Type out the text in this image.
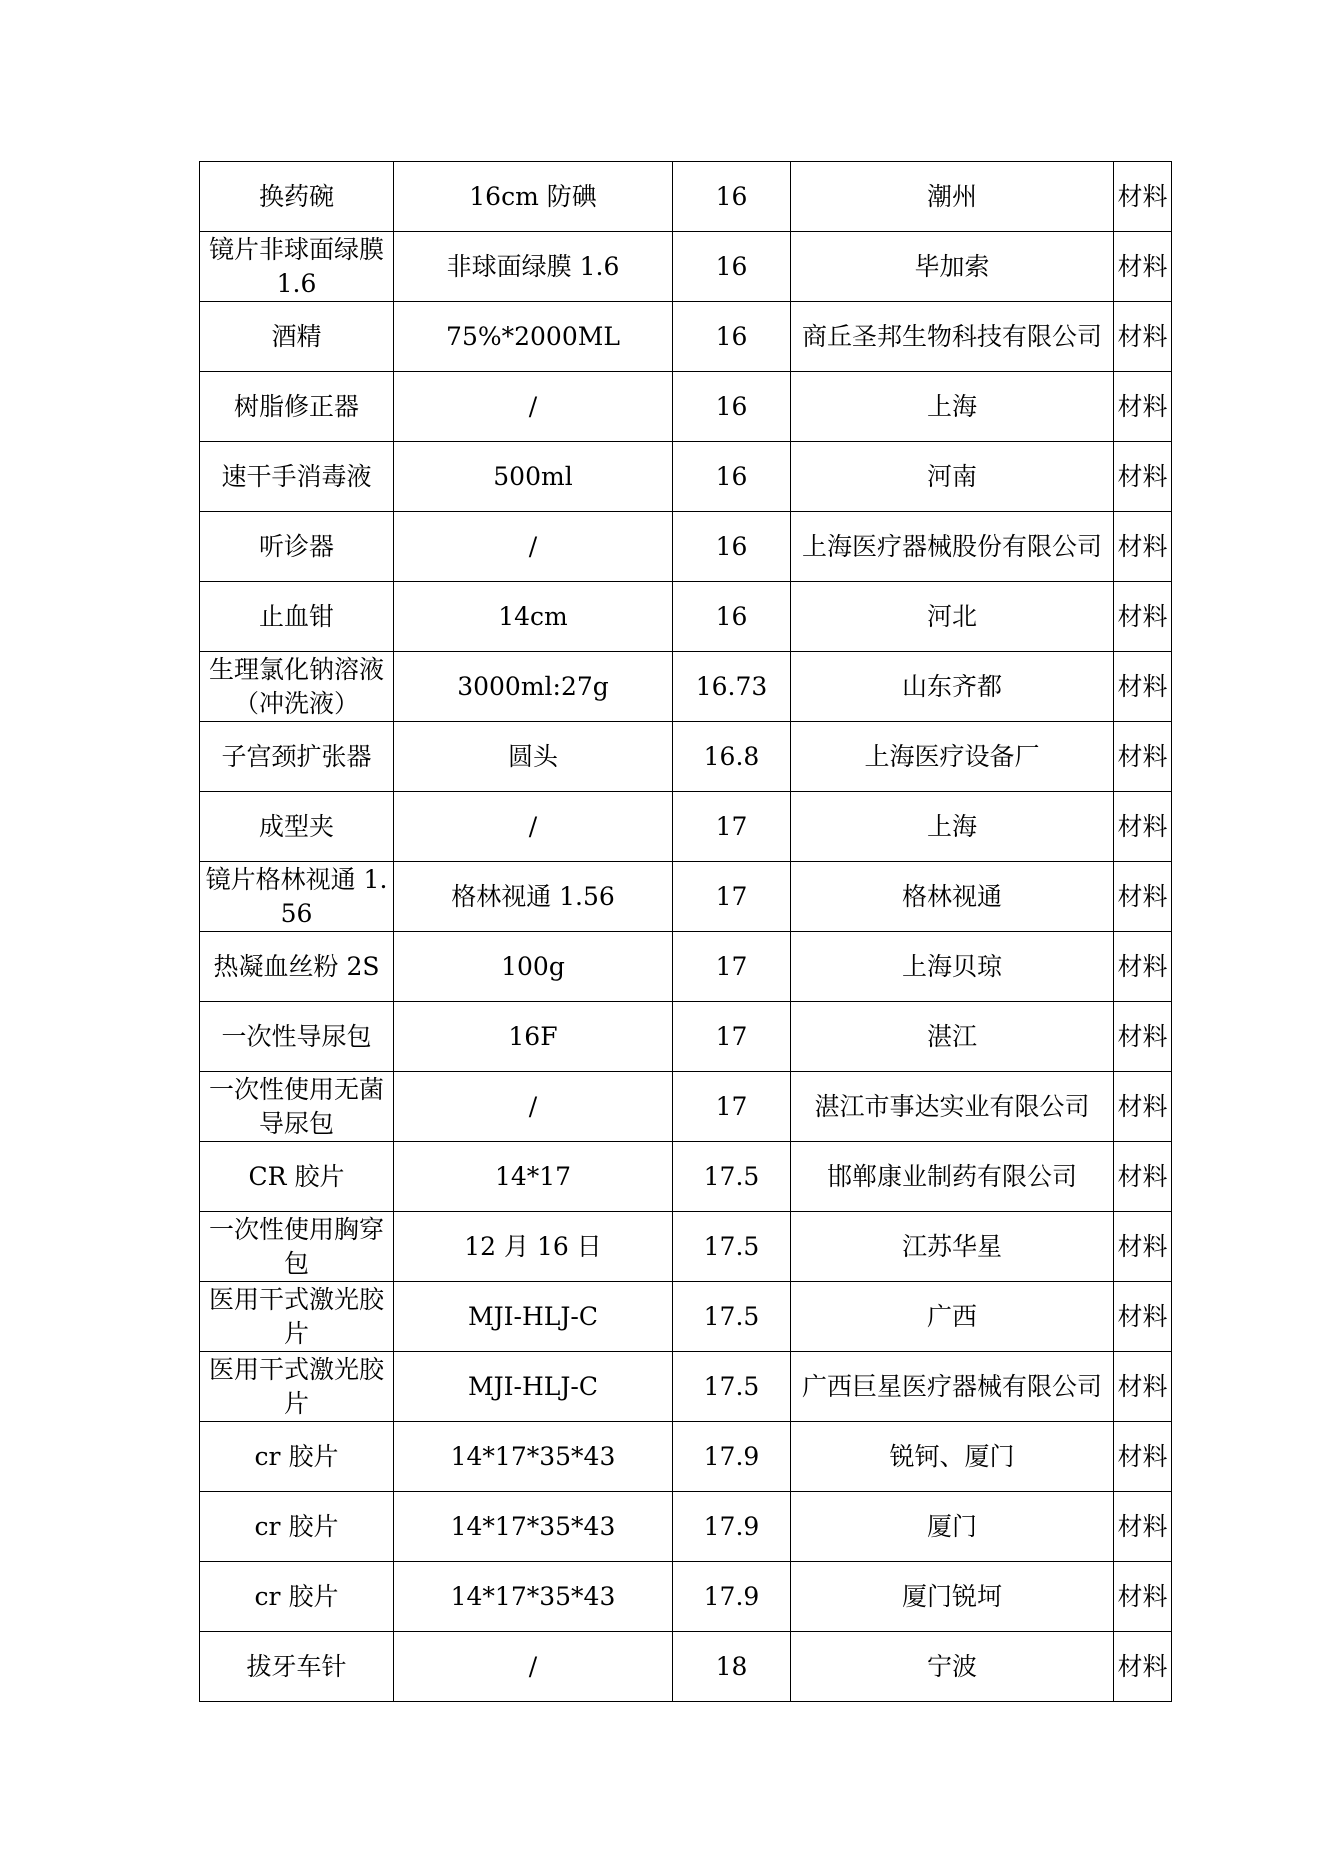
换药碗	16cm 防碘	16	潮州	材料
镜片非球面绿膜 1.6	非球面绿膜 1.6	16	毕加索	材料
酒精	75%*2000ML	16	商丘圣邦生物科技有限公司	材料
树脂修正器	/	16	上海	材料
速干手消毒液	500ml	16	河南	材料
听诊器	/	16	上海医疗器械股份有限公司	材料
止血钳	14cm	16	河北	材料
生理氯化钠溶液（冲洗液）	3000ml:27g	16.73	山东齐都	材料
子宫颈扩张器	圆头	16.8	上海医疗设备厂	材料
成型夹	/	17	上海	材料
镜片格林视通 1.56	格林视通 1.56	17	格林视通	材料
热凝血丝粉 2S	100g	17	上海贝琼	材料
一次性导尿包	16F	17	湛江	材料
一次性使用无菌导尿包	/	17	湛江市事达实业有限公司	材料
CR 胶片	14*17	17.5	邯郸康业制药有限公司	材料
一次性使用胸穿包	12 月 16 日	17.5	江苏华星	材料
医用干式激光胶片	MJI-HLJ-C	17.5	广西	材料
医用干式激光胶片	MJI-HLJ-C	17.5	广西巨星医疗器械有限公司	材料
cr 胶片	14*17*35*43	17.9	锐钶、厦门	材料
cr 胶片	14*17*35*43	17.9	厦门	材料
cr 胶片	14*17*35*43	17.9	厦门锐坷	材料
拔牙车针	/	18	宁波	材料
